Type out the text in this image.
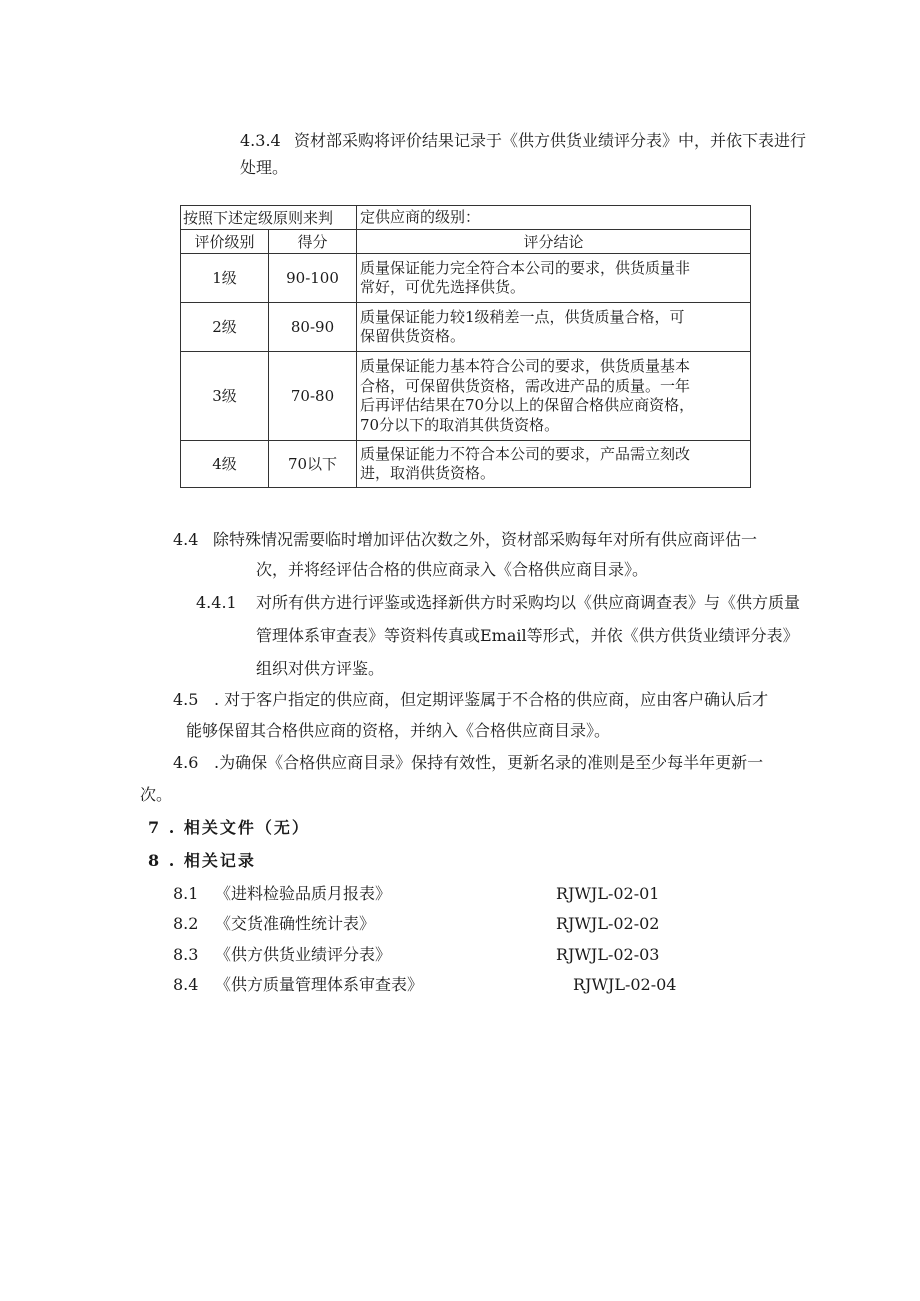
4.3.4 资材部采购将评价结果记录于《供方供货业绩评分表》中，并依下表进行
处理。
按照下述定级原则来判		定供应商的级别：
评价级别	得分	评分结论
1级	90-100	质量保证能力完全符合本公司的要求，供货质量非
常好，可优先选择供货。

2级	80-90	质量保证能力较1级稍差一点，供货质量合格，可
保留供货资格。

3级	70-80	质量保证能力基本符合公司的要求，供货质量基本
合格，可保留供货资格，需改进产品的质量。一年
后再评估结果在70分以上的保留合格供应商资格，
70分以下的取消其供货资格。

4级	70以下	质量保证能力不符合本公司的要求，产品需立刻改
进，取消供货资格。
4.4 除特殊情况需要临时增加评估次数之外，资材部采购每年对所有供应商评估一
次，并将经评估合格的供应商录入《合格供应商目录》。
4.4.1 对所有供方进行评鉴或选择新供方时采购均以《供应商调查表》与《供方质量
管理体系审查表》等资料传真或Email等形式，并依《供方供货业绩评分表》
组织对供方评鉴。
4.5 . 对于客户指定的供应商，但定期评鉴属于不合格的供应商，应由客户确认后才
能够保留其合格供应商的资格，并纳入《合格供应商目录》。
4.6 .为确保《合格供应商目录》保持有效性，更新名录的准则是至少每半年更新一
次。
7 . 相关文件（无）
8 . 相关记录
8.1 《进料检验品质月报表》	RJWJL-02-01
8.2 《交货准确性统计表》	RJWJL-02-02
8.3 《供方供货业绩评分表》	RJWJL-02-03
8.4 《供方质量管理体系审查表》	RJWJL-02-04
